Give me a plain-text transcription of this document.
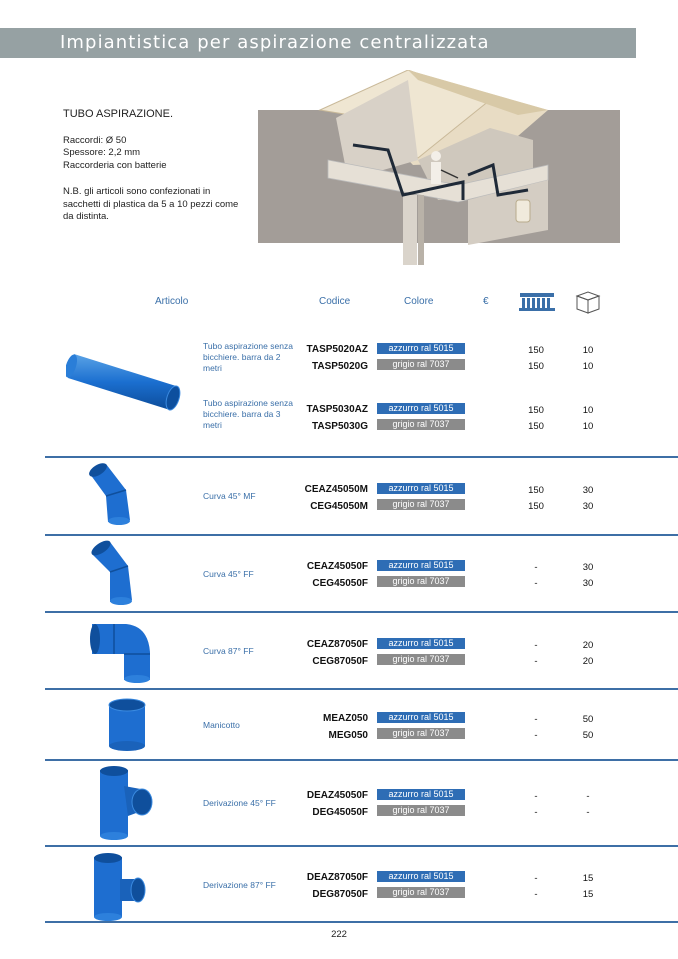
Impiantistica per aspirazione centralizzata
TUBO ASPIRAZIONE.
Raccordi: Ø 50
Spessore: 2,2 mm
Raccorderia con batterie
N.B. gli articoli sono confezionati in sacchetti di plastica da 5 a 10 pezzi come da distinta.
Articolo	Codice	Colore	€
Tubo aspirazione senza bicchiere. barra da 2 metri
TASP5020AZ	azzurro ral 5015	150	10
TASP5020G	grigio ral 7037	150	10
Tubo aspirazione senza bicchiere. barra da 3 metri
TASP5030AZ	azzurro ral 5015	150	10
TASP5030G	grigio ral 7037	150	10
Curva 45° MF
CEAZ45050M	azzurro ral 5015	150	30
CEG45050M	grigio ral 7037	150	30
Curva 45° FF
CEAZ45050F	azzurro ral 5015	-	30
CEG45050F	grigio ral 7037	-	30
Curva 87° FF
CEAZ87050F	azzurro ral 5015	-	20
CEG87050F	grigio ral 7037	-	20
Manicotto
MEAZ050	azzurro ral 5015	-	50
MEG050	grigio ral 7037	-	50
Derivazione 45° FF
DEAZ45050F	azzurro ral 5015	-	-
DEG45050F	grigio ral 7037	-	-
Derivazione 87° FF
DEAZ87050F	azzurro ral 5015	-	15
DEG87050F	grigio ral 7037	-	15
222
